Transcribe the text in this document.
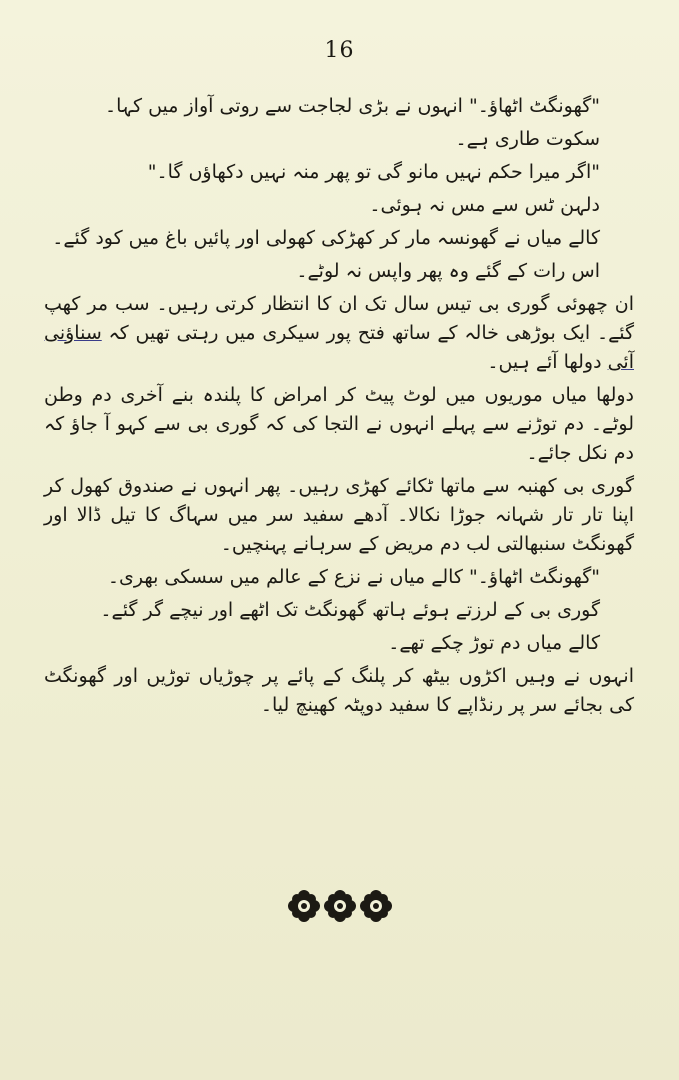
16

"گھونگٹ اٹھاؤ۔" انہوں نے بڑی لجاجت سے روتی آواز میں کہا۔

سکوت طاری ہے۔

"اگر میرا حکم نہیں مانو گی تو پھر منہ نہیں دکھاؤں گا۔"

دلہن ٹس سے مس نہ ہوئی۔

کالے میاں نے گھونسہ مار کر کھڑکی کھولی اور پائیں باغ میں کود گئے۔

اس رات کے گئے وہ پھر واپس نہ لوٹے۔

ان چھوئی گوری بی تیس سال تک ان کا انتظار کرتی رہیں۔ سب مر کھپ گئے۔ ایک بوڑھی خالہ کے ساتھ فتح پور سیکری میں رہتی تھیں کہ سناؤنی آئی دولھا آئے ہیں۔

دولھا میاں موریوں میں لوٹ پیٹ کر امراض کا پلندہ بنے آخری دم وطن لوٹے۔ دم توڑنے سے پہلے انہوں نے التجا کی کہ گوری بی سے کہو آ جاؤ کہ دم نکل جائے۔

گوری بی کھنبہ سے ماتھا ٹکائے کھڑی رہیں۔ پھر انہوں نے صندوق کھول کر اپنا تار تار شہانہ جوڑا نکالا۔ آدھے سفید سر میں سہاگ کا تیل ڈالا اور گھونگٹ سنبھالتی لب دم مریض کے سرہانے پہنچیں۔

"گھونگٹ اٹھاؤ۔" کالے میاں نے نزع کے عالم میں سسکی بھری۔

گوری بی کے لرزتے ہوئے ہاتھ گھونگٹ تک اٹھے اور نیچے گر گئے۔

کالے میاں دم توڑ چکے تھے۔

انہوں نے وہیں اکڑوں بیٹھ کر پلنگ کے پائے پر چوڑیاں توڑیں اور گھونگٹ کی بجائے سر پر رنڈاپے کا سفید دوپٹہ کھینچ لیا۔
